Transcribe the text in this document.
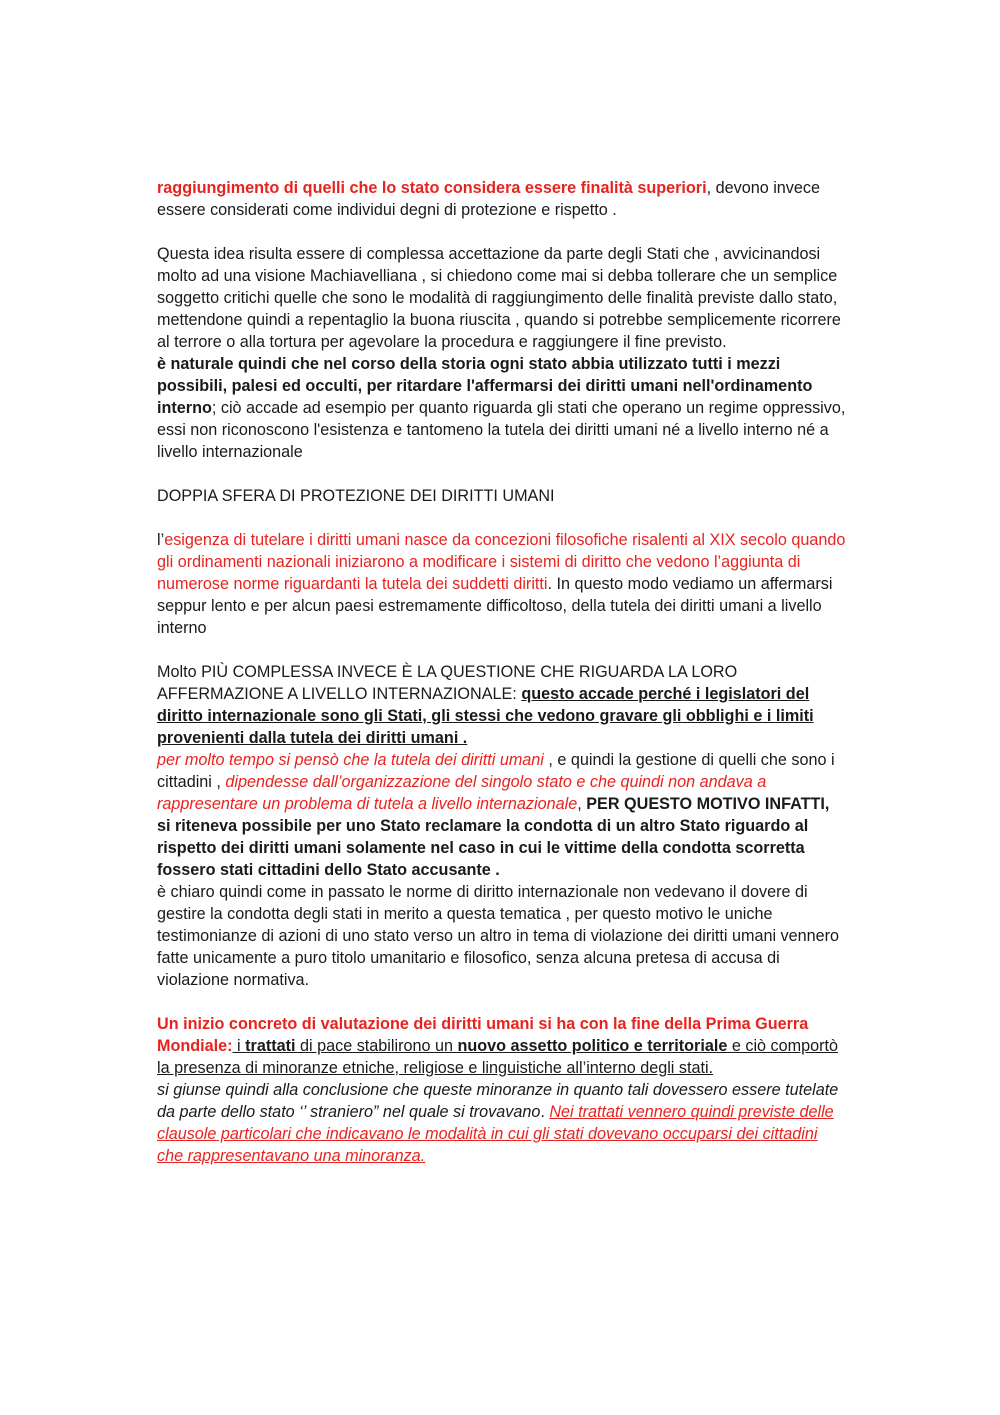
raggiungimento di quelli che lo stato considera essere finalità superiori, devono invece essere considerati come individui degni di protezione e rispetto .

Questa idea risulta essere di complessa accettazione da parte degli Stati che , avvicinandosi molto ad una visione Machiavelliana , si chiedono come mai si debba tollerare che un semplice soggetto critichi quelle che sono le modalità di raggiungimento delle finalità previste dallo stato, mettendone quindi a repentaglio la buona riuscita , quando si potrebbe semplicemente ricorrere al terrore o alla tortura per agevolare la procedura e raggiungere il fine previsto.

è naturale quindi che nel corso della storia ogni stato abbia utilizzato tutti i mezzi possibili, palesi ed occulti, per ritardare l'affermarsi dei diritti umani nell'ordinamento interno; ciò accade ad esempio per quanto riguarda gli stati che operano un regime oppressivo, essi non riconoscono l'esistenza e tantomeno la tutela dei diritti umani né a livello interno né a livello internazionale

DOPPIA SFERA DI PROTEZIONE DEI DIRITTI UMANI

l’esigenza di tutelare i diritti umani nasce da concezioni filosofiche risalenti al XIX secolo quando gli ordinamenti nazionali iniziarono a modificare i sistemi di diritto che vedono l’aggiunta di numerose norme riguardanti la tutela dei suddetti diritti. In questo modo vediamo un affermarsi seppur lento e per alcun paesi estremamente difficoltoso, della tutela dei diritti umani a livello interno

Molto PIÙ COMPLESSA INVECE È LA QUESTIONE CHE RIGUARDA LA LORO AFFERMAZIONE A LIVELLO INTERNAZIONALE: questo accade perché i legislatori del diritto internazionale sono gli Stati, gli stessi che vedono gravare gli obblighi e i limiti provenienti dalla tutela dei diritti umani .

per molto tempo si pensò che la tutela dei diritti umani , e quindi la gestione di quelli che sono i cittadini , dipendesse dall’organizzazione del singolo stato e che quindi non andava a rappresentare un problema di tutela a livello internazionale, PER QUESTO MOTIVO INFATTI, si riteneva possibile per uno Stato reclamare la condotta di un altro Stato riguardo al rispetto dei diritti umani solamente nel caso in cui le vittime della condotta scorretta fossero stati cittadini dello Stato accusante .

è chiaro quindi come in passato le norme di diritto internazionale non vedevano il dovere di gestire la condotta degli stati in merito a questa tematica , per questo motivo le uniche testimonianze di azioni di uno stato verso un altro in tema di violazione dei diritti umani vennero fatte unicamente a puro titolo umanitario e filosofico, senza alcuna pretesa di accusa di violazione normativa.

Un inizio concreto di valutazione dei diritti umani si ha con la fine della Prima Guerra Mondiale: i trattati di pace stabilirono un nuovo assetto politico e territoriale e ciò comportò la presenza di minoranze etniche, religiose e linguistiche all’interno degli stati.

si giunse quindi alla conclusione che queste minoranze in quanto tali dovessero essere tutelate da parte dello stato ‘’ straniero” nel quale si trovavano. Nei trattati vennero quindi previste delle clausole particolari che indicavano le modalità in cui gli stati dovevano occuparsi dei cittadini che rappresentavano una minoranza.
